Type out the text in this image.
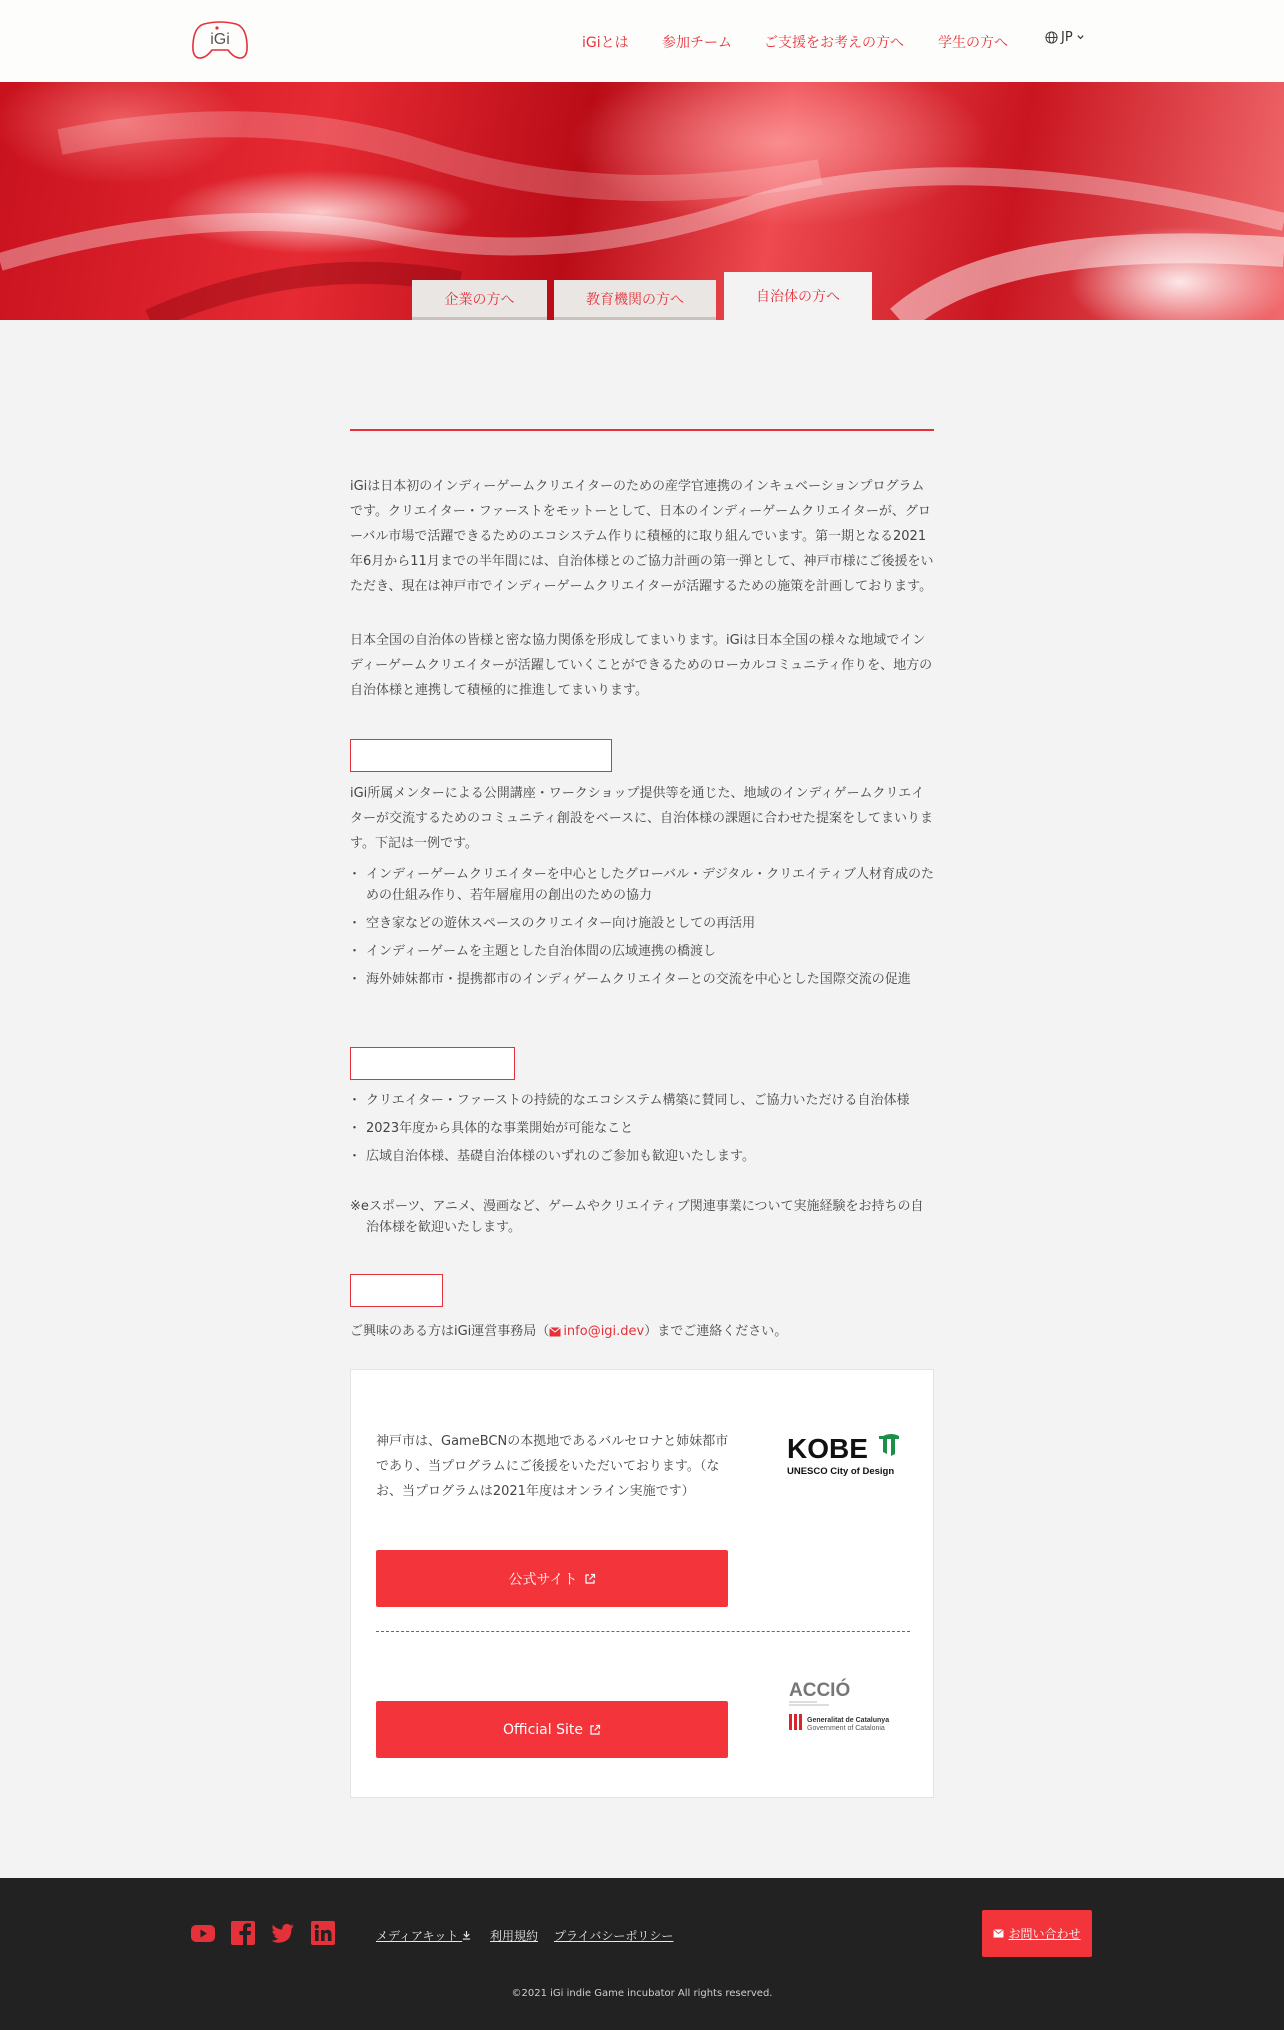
iGi	iGiとは 参加チーム ご支援をお考えの方へ 学生の方へ	JP
企業の方へ	教育機関の方へ	自治体の方へ

iGiは日本初のインディーゲームクリエイターのための産学官連携のインキュベーションプログラムです。クリエイター・ファーストをモットーとして、日本のインディーゲームクリエイターが、グローバル市場で活躍できるためのエコシステム作りに積極的に取り組んでいます。第一期となる2021年6月から11月までの半年間には、自治体様とのご協力計画の第一弾として、神戸市様にご後援をいただき、現在は神戸市でインディーゲームクリエイターが活躍するための施策を計画しております。

日本全国の自治体の皆様と密な協力関係を形成してまいります。iGiは日本全国の様々な地域でインディーゲームクリエイターが活躍していくことができるためのローカルコミュニティ作りを、地方の自治体様と連携して積極的に推進してまいります。

iGi所属メンターによる公開講座・ワークショップ提供等を通じた、地域のインディゲームクリエイターが交流するためのコミュニティ創設をベースに、自治体様の課題に合わせた提案をしてまいります。下記は一例です。

・ インディーゲームクリエイターを中心としたグローバル・デジタル・クリエイティブ人材育成のための仕組み作り、若年層雇用の創出のための協力
・ 空き家などの遊休スペースのクリエイター向け施設としての再活用
・ インディーゲームを主題とした自治体間の広域連携の橋渡し
・ 海外姉妹都市・提携都市のインディゲームクリエイターとの交流を中心とした国際交流の促進
・ クリエイター・ファーストの持続的なエコシステム構築に賛同し、ご協力いただける自治体様
・ 2023年度から具体的な事業開始が可能なこと
・ 広域自治体様、基礎自治体様のいずれのご参加も歓迎いたします。

※eスポーツ、アニメ、漫画など、ゲームやクリエイティブ関連事業について実施経験をお持ちの自治体様を歓迎いたします。

ご興味のある方はiGi運営事務局（ info@igi.dev）までご連絡ください。

神戸市は、GameBCNの本拠地であるバルセロナと姉妹都市であり、当プログラムにご後援をいただいております。（なお、当プログラムは2021年度はオンライン実施です）

公式サイト
Official Site
KOBE
UNESCO City of Design
ACCIÓ
Generalitat de Catalunya
Government of Catalonia
メディアキット	利用規約 プライバシーポリシー	お問い合わせ
©2021 iGi indie Game incubator All rights reserved.
